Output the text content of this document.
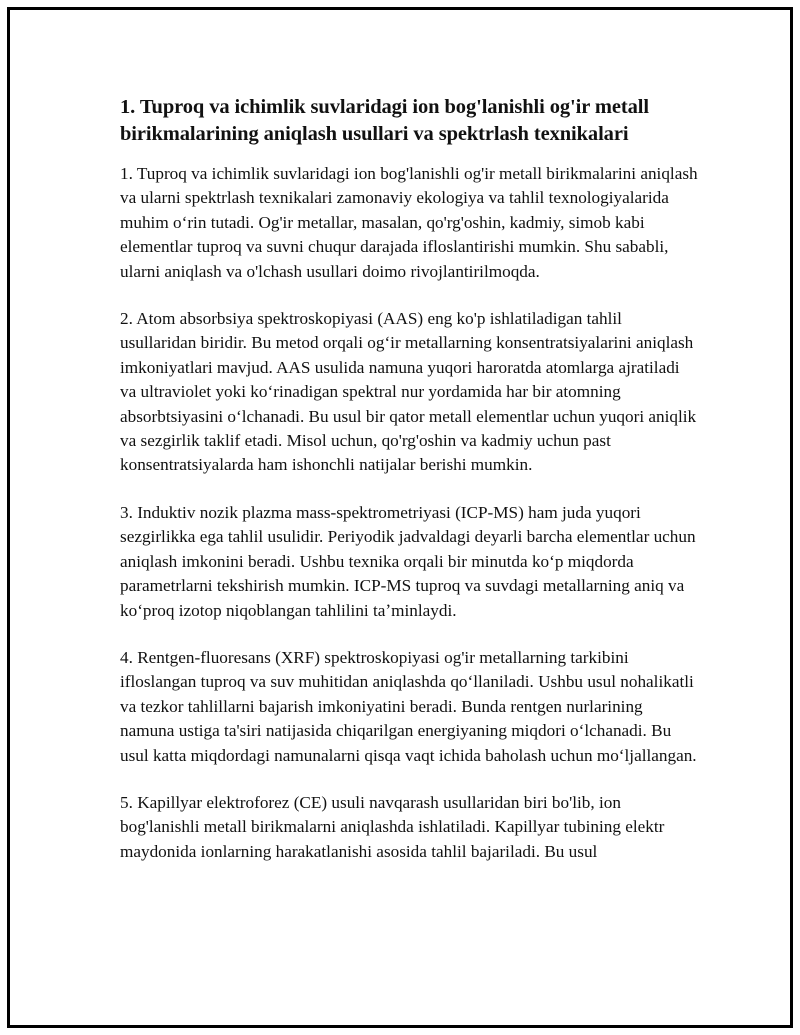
1. Tuproq va ichimlik suvlaridagi ion bog'lanishli og'ir metall birikmalarining aniqlash usullari va spektrlash texnikalari

1. Tuproq va ichimlik suvlaridagi ion bog'lanishli og'ir metall birikmalarini aniqlash va ularni spektrlash texnikalari zamonaviy ekologiya va tahlil texnologiyalarida muhim oʻrin tutadi. Og'ir metallar, masalan, qo'rg'oshin, kadmiy, simob kabi elementlar tuproq va suvni chuqur darajada ifloslantirishi mumkin. Shu sababli, ularni aniqlash va o'lchash usullari doimo rivojlantirilmoqda.

2. Atom absorbsiya spektroskopiyasi (AAS) eng ko'p ishlatiladigan tahlil usullaridan biridir. Bu metod orqali ogʻir metallarning konsentratsiyalarini aniqlash imkoniyatlari mavjud. AAS usulida namuna yuqori haroratda atomlarga ajratiladi va ultraviolet yoki koʻrinadigan spektral nur yordamida har bir atomning absorbtsiyasini oʻlchanadi. Bu usul bir qator metall elementlar uchun yuqori aniqlik va sezgirlik taklif etadi. Misol uchun, qo'rg'oshin va kadmiy uchun past konsentratsiyalarda ham ishonchli natijalar berishi mumkin.

3. Induktiv nozik plazma mass-spektrometriyasi (ICP-MS) ham juda yuqori sezgirlikka ega tahlil usulidir. Periyodik jadvaldagi deyarli barcha elementlar uchun aniqlash imkonini beradi. Ushbu texnika orqali bir minutda koʻp miqdorda parametrlarni tekshirish mumkin. ICP-MS tuproq va suvdagi metallarning aniq va koʻproq izotop niqoblangan tahlilini taʼminlaydi.

4. Rentgen-fluoresans (XRF) spektroskopiyasi og'ir metallarning tarkibini ifloslangan tuproq va suv muhitidan aniqlashda qoʻllaniladi. Ushbu usul nohalikatli va tezkor tahlillarni bajarish imkoniyatini beradi. Bunda rentgen nurlarining namuna ustiga ta'siri natijasida chiqarilgan energiyaning miqdori oʻlchanadi. Bu usul katta miqdordagi namunalarni qisqa vaqt ichida baholash uchun moʻljallangan.

5. Kapillyar elektroforez (CE) usuli navqarash usullaridan biri bo'lib, ion bog'lanishli metall birikmalarni aniqlashda ishlatiladi. Kapillyar tubining elektr maydonida ionlarning harakatlanishi asosida tahlil bajariladi. Bu usul
